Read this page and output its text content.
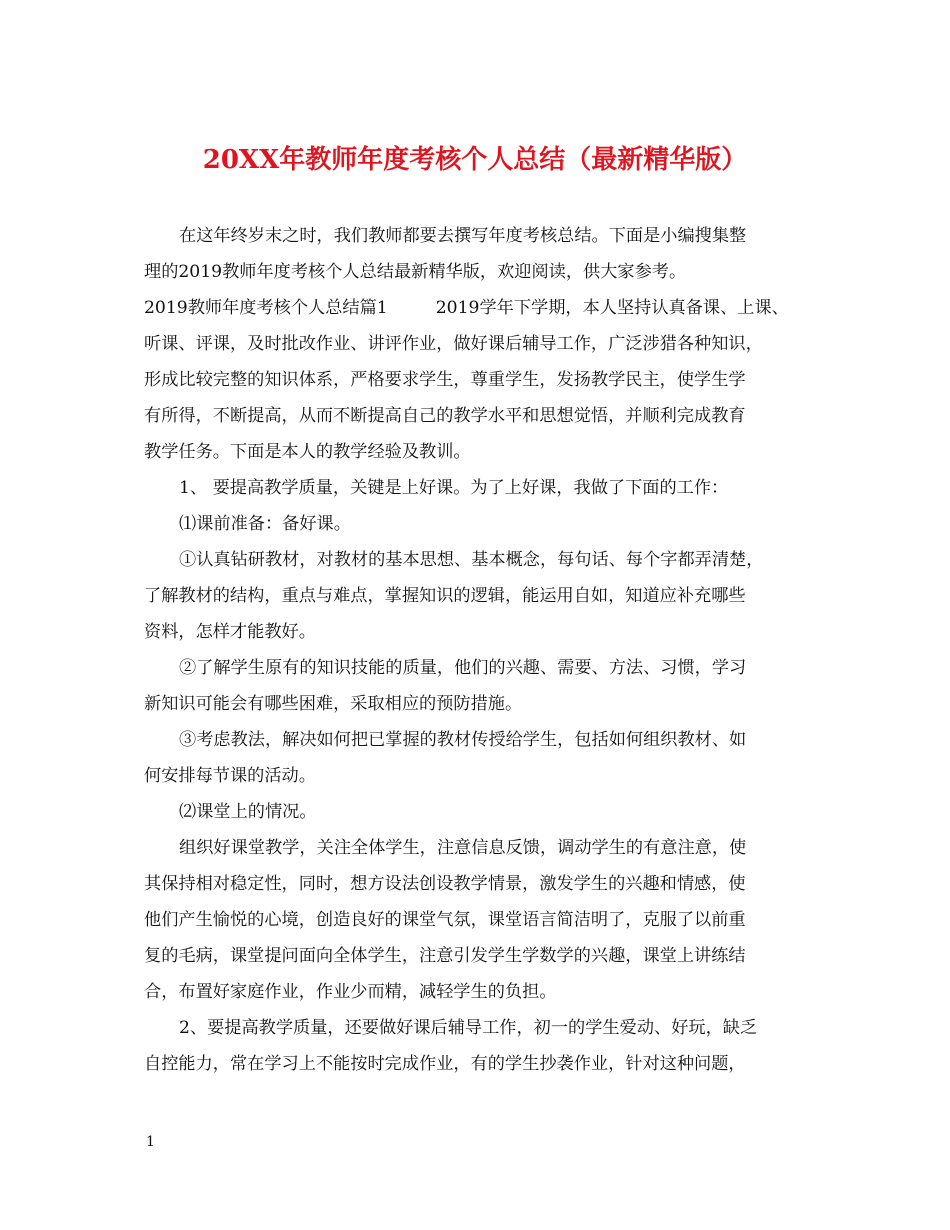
20XX年教师年度考核个人总结（最新精华版）
在这年终岁末之时，我们教师都要去撰写年度考核总结。下面是小编搜集整
理的2019教师年度考核个人总结最新精华版，欢迎阅读，供大家参考。
2019教师年度考核个人总结篇1	2019学年下学期，本人坚持认真备课、上课、
听课、评课，及时批改作业、讲评作业，做好课后辅导工作，广泛涉猎各种知识，
形成比较完整的知识体系，严格要求学生，尊重学生，发扬教学民主，使学生学
有所得，不断提高，从而不断提高自己的教学水平和思想觉悟，并顺利完成教育
教学任务。下面是本人的教学经验及教训。
1、 要提高教学质量，关键是上好课。为了上好课，我做了下面的工作：
⑴课前准备：备好课。
①认真钻研教材，对教材的基本思想、基本概念，每句话、每个字都弄清楚，
了解教材的结构，重点与难点，掌握知识的逻辑，能运用自如，知道应补充哪些
资料，怎样才能教好。
②了解学生原有的知识技能的质量，他们的兴趣、需要、方法、习惯，学习
新知识可能会有哪些困难，采取相应的预防措施。
③考虑教法，解决如何把已掌握的教材传授给学生，包括如何组织教材、如
何安排每节课的活动。
⑵课堂上的情况。
组织好课堂教学，关注全体学生，注意信息反馈，调动学生的有意注意，使
其保持相对稳定性，同时，想方设法创设教学情景，激发学生的兴趣和情感，使
他们产生愉悦的心境，创造良好的课堂气氛，课堂语言简洁明了，克服了以前重
复的毛病，课堂提问面向全体学生，注意引发学生学数学的兴趣，课堂上讲练结
合，布置好家庭作业，作业少而精，减轻学生的负担。
2、要提高教学质量，还要做好课后辅导工作，初一的学生爱动、好玩，缺乏
自控能力，常在学习上不能按时完成作业，有的学生抄袭作业，针对这种问题，
1
